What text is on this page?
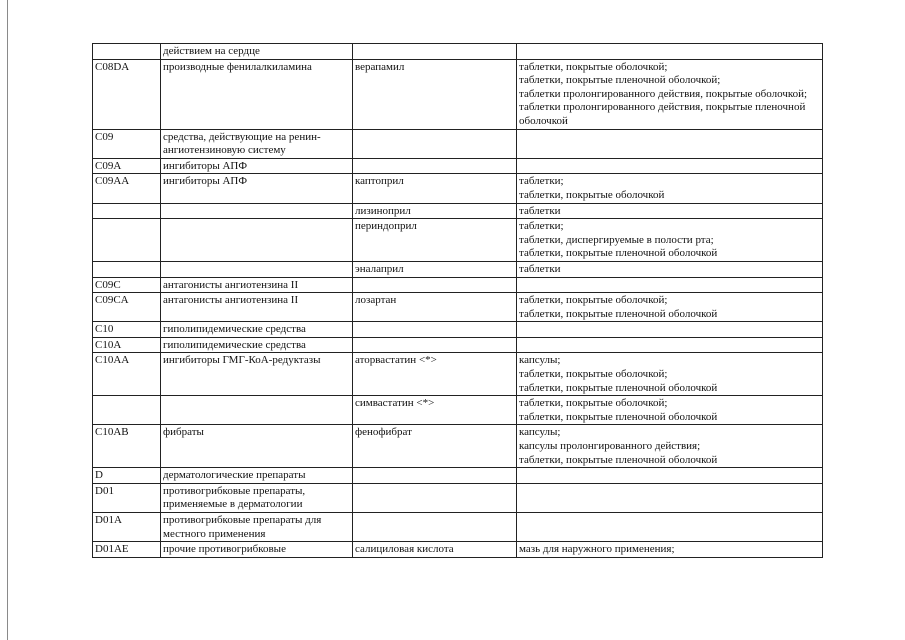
	действием на сердце		
C08DA	производные фенилалкиламина	верапамил	таблетки, покрытые оболочкой;
таблетки, покрытые пленочной оболочкой;
таблетки пролонгированного действия, покрытые оболочкой;
таблетки пролонгированного действия, покрытые пленочной оболочкой
C09	средства, действующие на ренин-ангиотензиновую систему		
C09A	ингибиторы АПФ		
C09AA	ингибиторы АПФ	каптоприл	таблетки;
таблетки, покрытые оболочкой
		лизиноприл	таблетки
		периндоприл	таблетки;
таблетки, диспергируемые в полости рта;
таблетки, покрытые пленочной оболочкой
		эналаприл	таблетки
C09C	антагонисты ангиотензина II		
C09CA	антагонисты ангиотензина II	лозартан	таблетки, покрытые оболочкой;
таблетки, покрытые пленочной оболочкой
C10	гиполипидемические средства		
C10A	гиполипидемические средства		
C10AA	ингибиторы ГМГ-КоА-редуктазы	аторвастатин <*>	капсулы;
таблетки, покрытые оболочкой;
таблетки, покрытые пленочной оболочкой
		симвастатин <*>	таблетки, покрытые оболочкой;
таблетки, покрытые пленочной оболочкой
C10AB	фибраты	фенофибрат	капсулы;
капсулы пролонгированного действия;
таблетки, покрытые пленочной оболочкой
D	дерматологические препараты		
D01	противогрибковые препараты, применяемые в дерматологии		
D01A	противогрибковые препараты для местного применения		
D01AE	прочие противогрибковые	салициловая кислота	мазь для наружного применения;
